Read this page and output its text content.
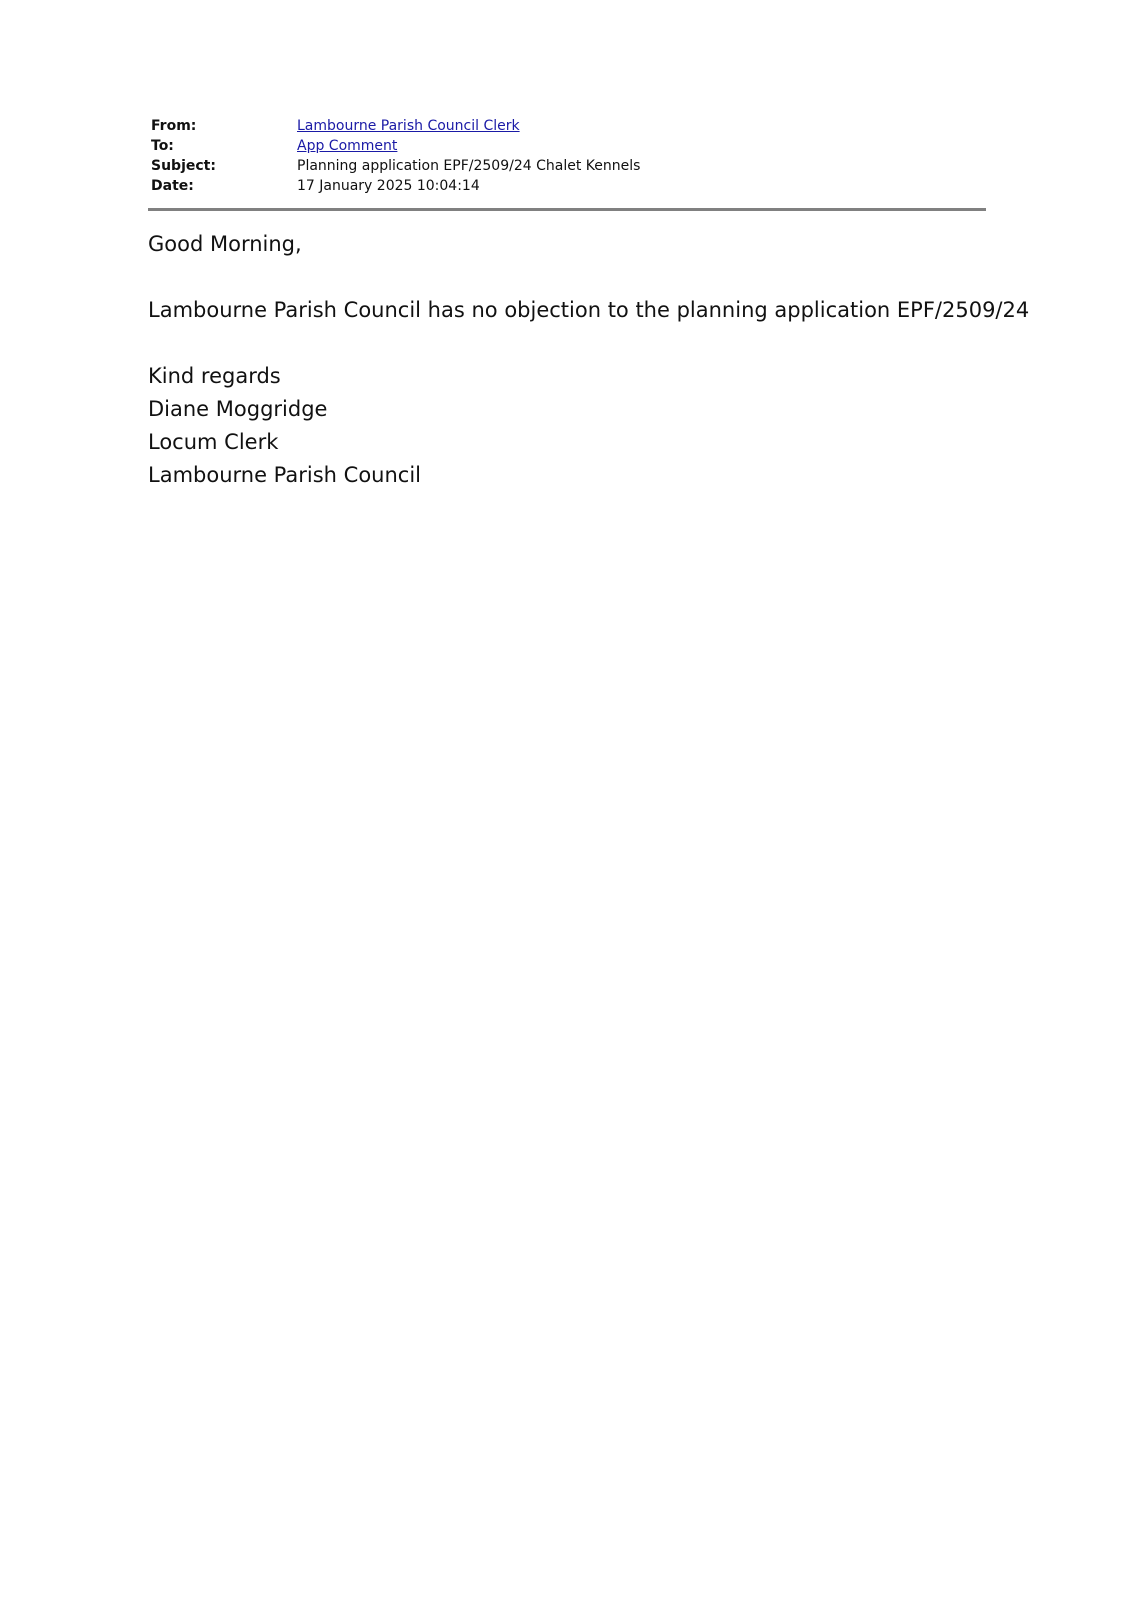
From:	Lambourne Parish Council Clerk
To:	App Comment
Subject:	Planning application EPF/2509/24 Chalet Kennels
Date:	17 January 2025 10:04:14

Good Morning,

Lambourne Parish Council has no objection to the planning application EPF/2509/24

Kind regards

Diane Moggridge

Locum Clerk

Lambourne Parish Council
